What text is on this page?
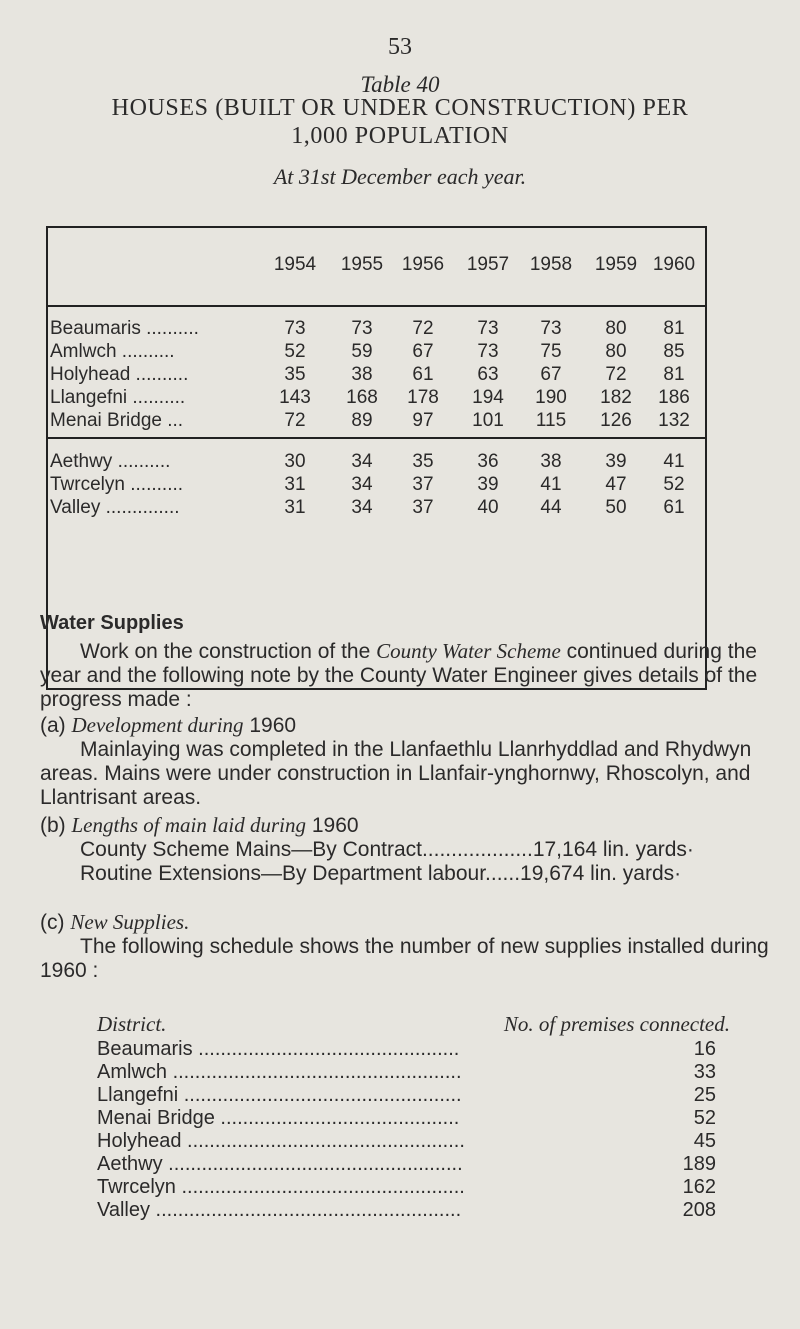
53
Table 40
HOUSES (BUILT OR UNDER CONSTRUCTION) PER
1,000 POPULATION
At 31st December each year.
1954	1955 1956	1957	1958	1959 1960
Beaumaris ..........	73	73	72	73	73	80	81
Amlwch ..........	52	59	67	73	75	80	85
Holyhead ..........	35	38	61	63	67	72	81
Llangefni ..........	143	168	178	194	190	182	186
Menai Bridge ...	72	89	97	101	115	126	132
Aethwy ..........	30	34	35	36	38	39	41
Twrcelyn ..........	31	34	37	39	41	47	52
Valley ..............	31	34	37	40	44	50	61
Water Supplies
Work on the construction of the County Water Scheme continued during the year and the following note by the County Water Engineer gives details of the progress made :
(a) Development during 1960
Mainlaying was completed in the Llanfaethlu Llanrhyddlad and Rhydwyn areas. Mains were under construction in Llanfair-ynghornwy, Rhoscolyn, and Llantrisant areas.
(b) Lengths of main laid during 1960
County Scheme Mains—By Contract...................17,164 lin. yards·
Routine Extensions—By Department labour......19,674 lin. yards·
(c) New Supplies.
The following schedule shows the number of new supplies installed during 1960 :
District.	No. of premises connected.
Beaumaris ...............................................	16
Amlwch ....................................................	33
Llangefni ..................................................	25
Menai Bridge ...........................................	52
Holyhead ..................................................	45
Aethwy .....................................................	189
Twrcelyn ...................................................	162
Valley .......................................................	208
